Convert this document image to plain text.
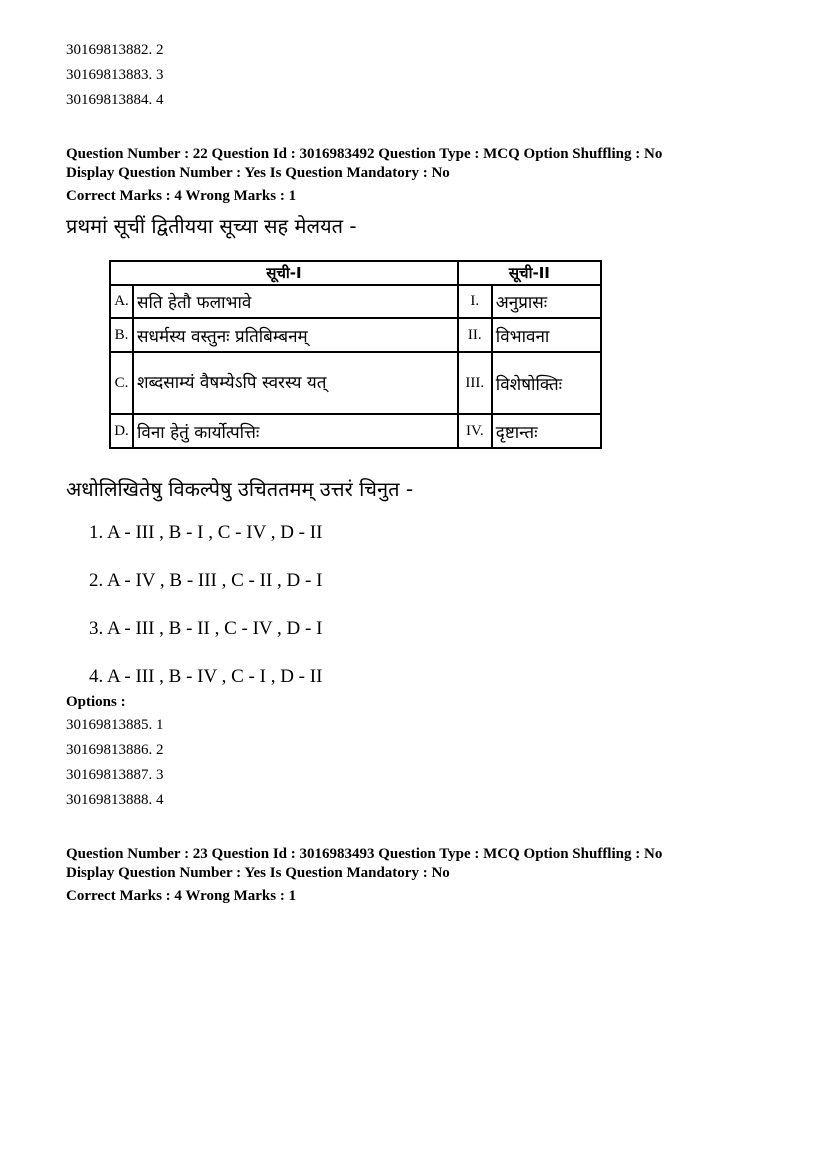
30169813882. 2
30169813883. 3
30169813884. 4
Question Number : 22 Question Id : 3016983492 Question Type : MCQ Option Shuffling : No
Display Question Number : Yes Is Question Mandatory : No
Correct Marks : 4 Wrong Marks : 1
प्रथमां सूचीं द्वितीयया सूच्या सह मेलयत -
सूची-I		सूची-II	
A.	सति हेतौ फलाभावे	I.	अनुप्रासः
B.	सधर्मस्य वस्तुनः प्रतिबिम्बनम्	II.	विभावना
C.	शब्दसाम्यं वैषम्येऽपि स्वरस्य यत्	III.	विशेषोक्तिः
D.	विना हेतुं कार्योत्पत्तिः	IV.	दृष्टान्तः
अधोलिखितेषु विकल्पेषु उचिततमम् उत्तरं चिनुत -
1. A - III , B - I , C - IV , D - II
2. A - IV , B - III , C - II , D - I
3. A - III , B - II , C - IV , D - I
4. A - III , B - IV , C - I , D - II
Options :
30169813885. 1
30169813886. 2
30169813887. 3
30169813888. 4
Question Number : 23 Question Id : 3016983493 Question Type : MCQ Option Shuffling : No
Display Question Number : Yes Is Question Mandatory : No
Correct Marks : 4 Wrong Marks : 1
